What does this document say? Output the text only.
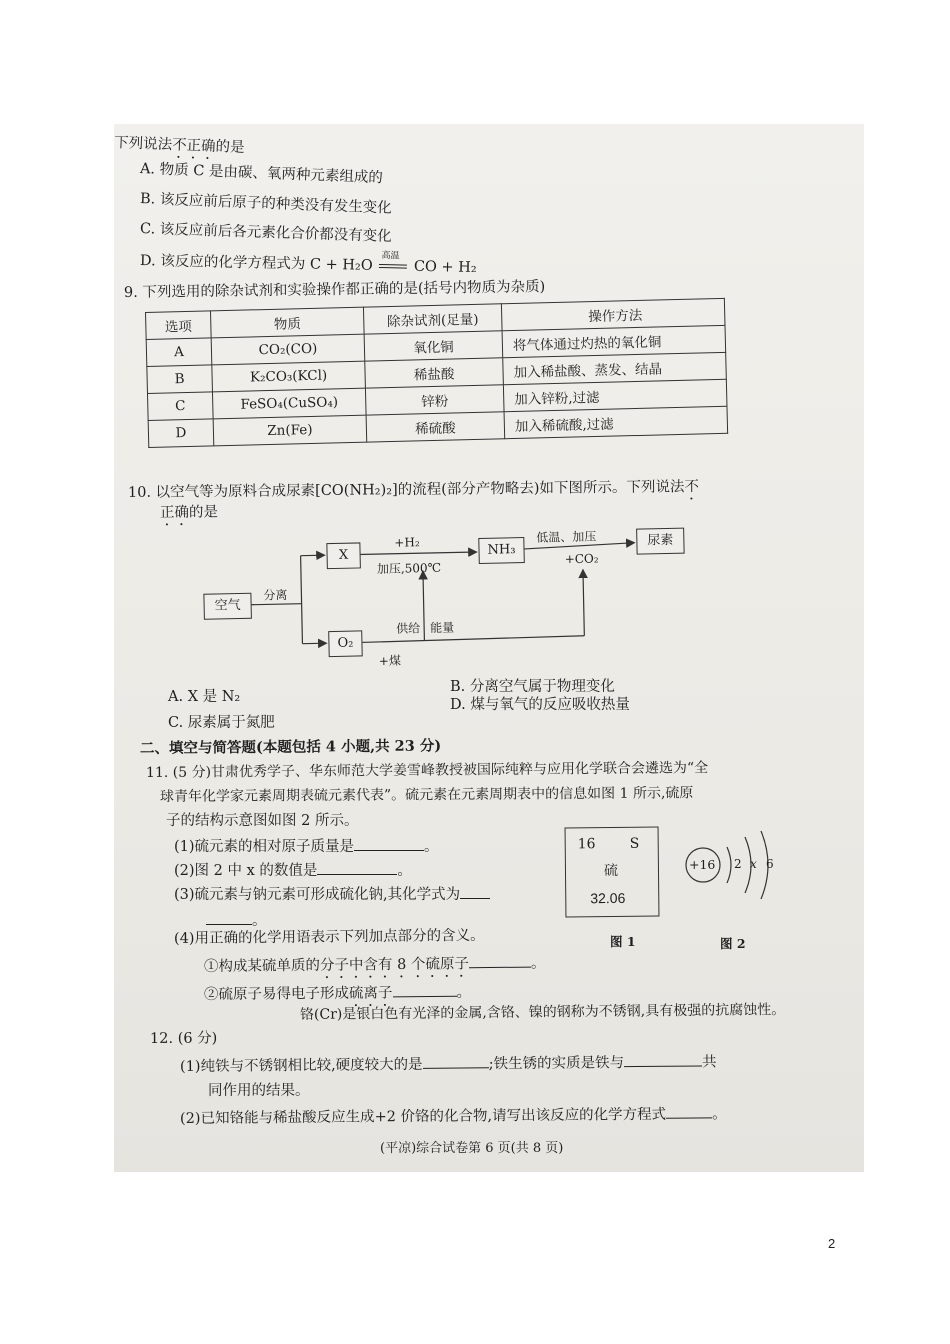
下列说法不正确的是
A. 物质 C 是由碳、氧两种元素组成的
B. 该反应前后原子的种类没有发生变化
C. 该反应前后各元素化合价都没有变化
D. 该反应的化学方程式为 C + H₂O 高温
CO + H₂
9. 下列选用的除杂试剂和实验操作都正确的是(括号内物质为杂质)
选项	物质	除杂试剂(足量)	操作方法
A	CO₂(CO)	氧化铜	将气体通过灼热的氧化铜
B	K₂CO₃(KCl)	稀盐酸	加入稀盐酸、蒸发、结晶
C	FeSO₄(CuSO₄)	锌粉	加入锌粉,过滤
D	Zn(Fe)	稀硫酸	加入稀硫酸,过滤
10. 以空气等为原料合成尿素[CO(NH₂)₂]的流程(部分产物略去)如下图所示。下列说法不
正确的是
空气
分离
X
O₂
+H₂
加压,500℃
NH₃
低温、加压
+CO₂
尿素
供给 能量
+煤
A. X 是 N₂
B. 分离空气属于物理变化
C. 尿素属于氮肥
D. 煤与氧气的反应吸收热量
二、填空与简答题(本题包括 4 小题,共 23 分)
11. (5 分)甘肃优秀学子、华东师范大学姜雪峰教授被国际纯粹与应用化学联合会遴选为“全
球青年化学家元素周期表硫元素代表”。硫元素在元素周期表中的信息如图 1 所示,硫原
子的结构示意图如图 2 所示。
(1)硫元素的相对原子质量是	。
(2)图 2 中 x 的数值是	。
(3)硫元素与钠元素可形成硫化钠,其化学式为
。
(4)用正确的化学用语表示下列加点部分的含义。
①构成某硫单质的分子中含有 8 个硫原子	。
②硫原子易得电子形成硫离子	。
16 S
硫
32.06
图 1
+16 2 x 6
图 2
铬(Cr)是银白色有光泽的金属,含铬、镍的钢称为不锈钢,具有极强的抗腐蚀性。
12. (6 分)
(1)纯铁与不锈钢相比较,硬度较大的是	;铁生锈的实质是铁与	共
同作用的结果。
(2)已知铬能与稀盐酸反应生成+2 价铬的化合物,请写出该反应的化学方程式	。
(平凉)综合试卷第 6 页(共 8 页)
2
